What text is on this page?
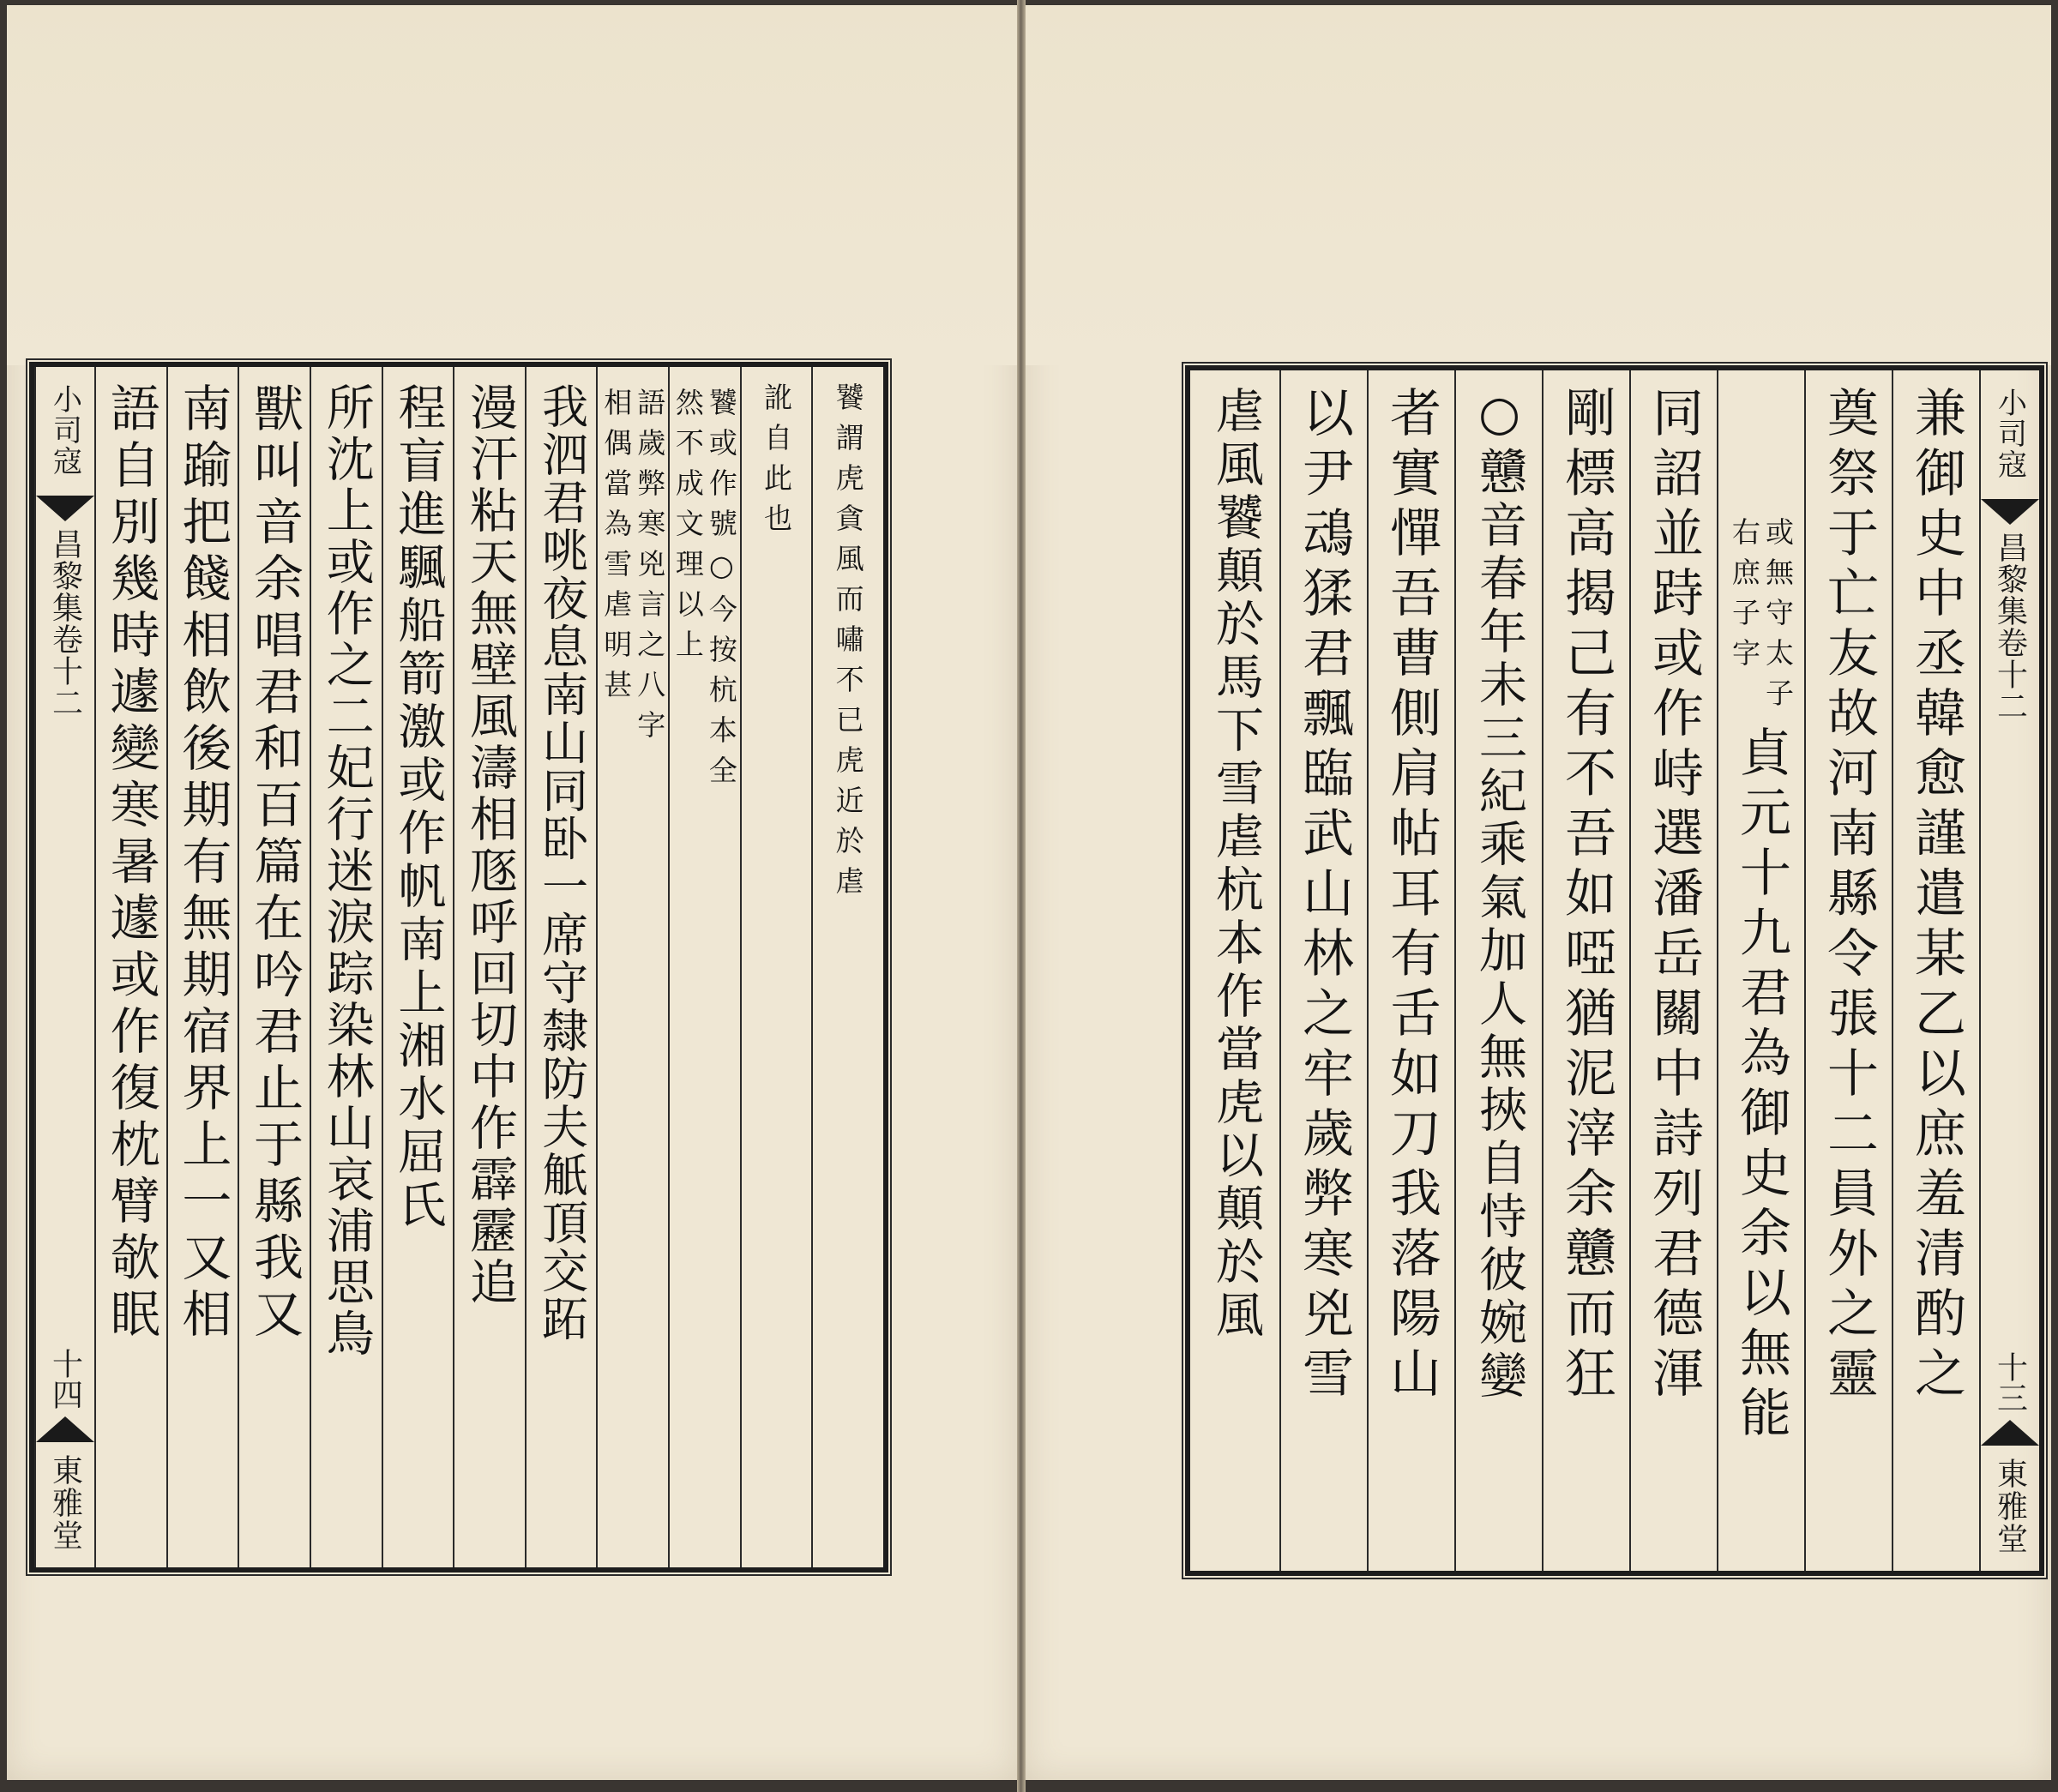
小司寇
昌黎集卷十二
十三
東雅堂
兼御史中丞韓愈謹遣某乙以庶羞清酌之
奠祭于亡友故河南縣令張十二員外之靈
或無守太子
右庶子字
貞元十九君為御史余以無能
同詔並跱或作峙選潘岳關中詩列君德渾
剛標高揭己有不吾如啞猶泥滓余戇而狂
○戇音春年未三紀乘氣加人無挾自恃彼婉孌
者實憚吾曹側肩帖耳有舌如刀我落陽山
以尹䲰猱君飄臨武山林之牢歲弊寒兇雪
虐風饕顛於馬下雪虐杭本作當虎以顛於風
饕謂虎貪風而嘯不已虎近於虐
訛自此也
饕或作號○今按杭本全
然不成文理以上
語歲弊寒兇言之八字
相偶當為雪虐明甚
我泗君咷夜息南山同卧一席守隸防夫觗頂交跖
漫汗粘天無壁風濤相豗呼回切中作霹靂追
程盲進颿船箭激或作帆南上湘水屈氏
所沈上或作之二妃行迷淚踪染林山哀浦思鳥
獸叫音余唱君和百篇在吟君止于縣我又
南踰把餞相飲後期有無期宿界上一又相
語自別幾時遽變寒暑遽或作復枕臂欹眠
小司寇
昌黎集卷十二
十四
東雅堂
